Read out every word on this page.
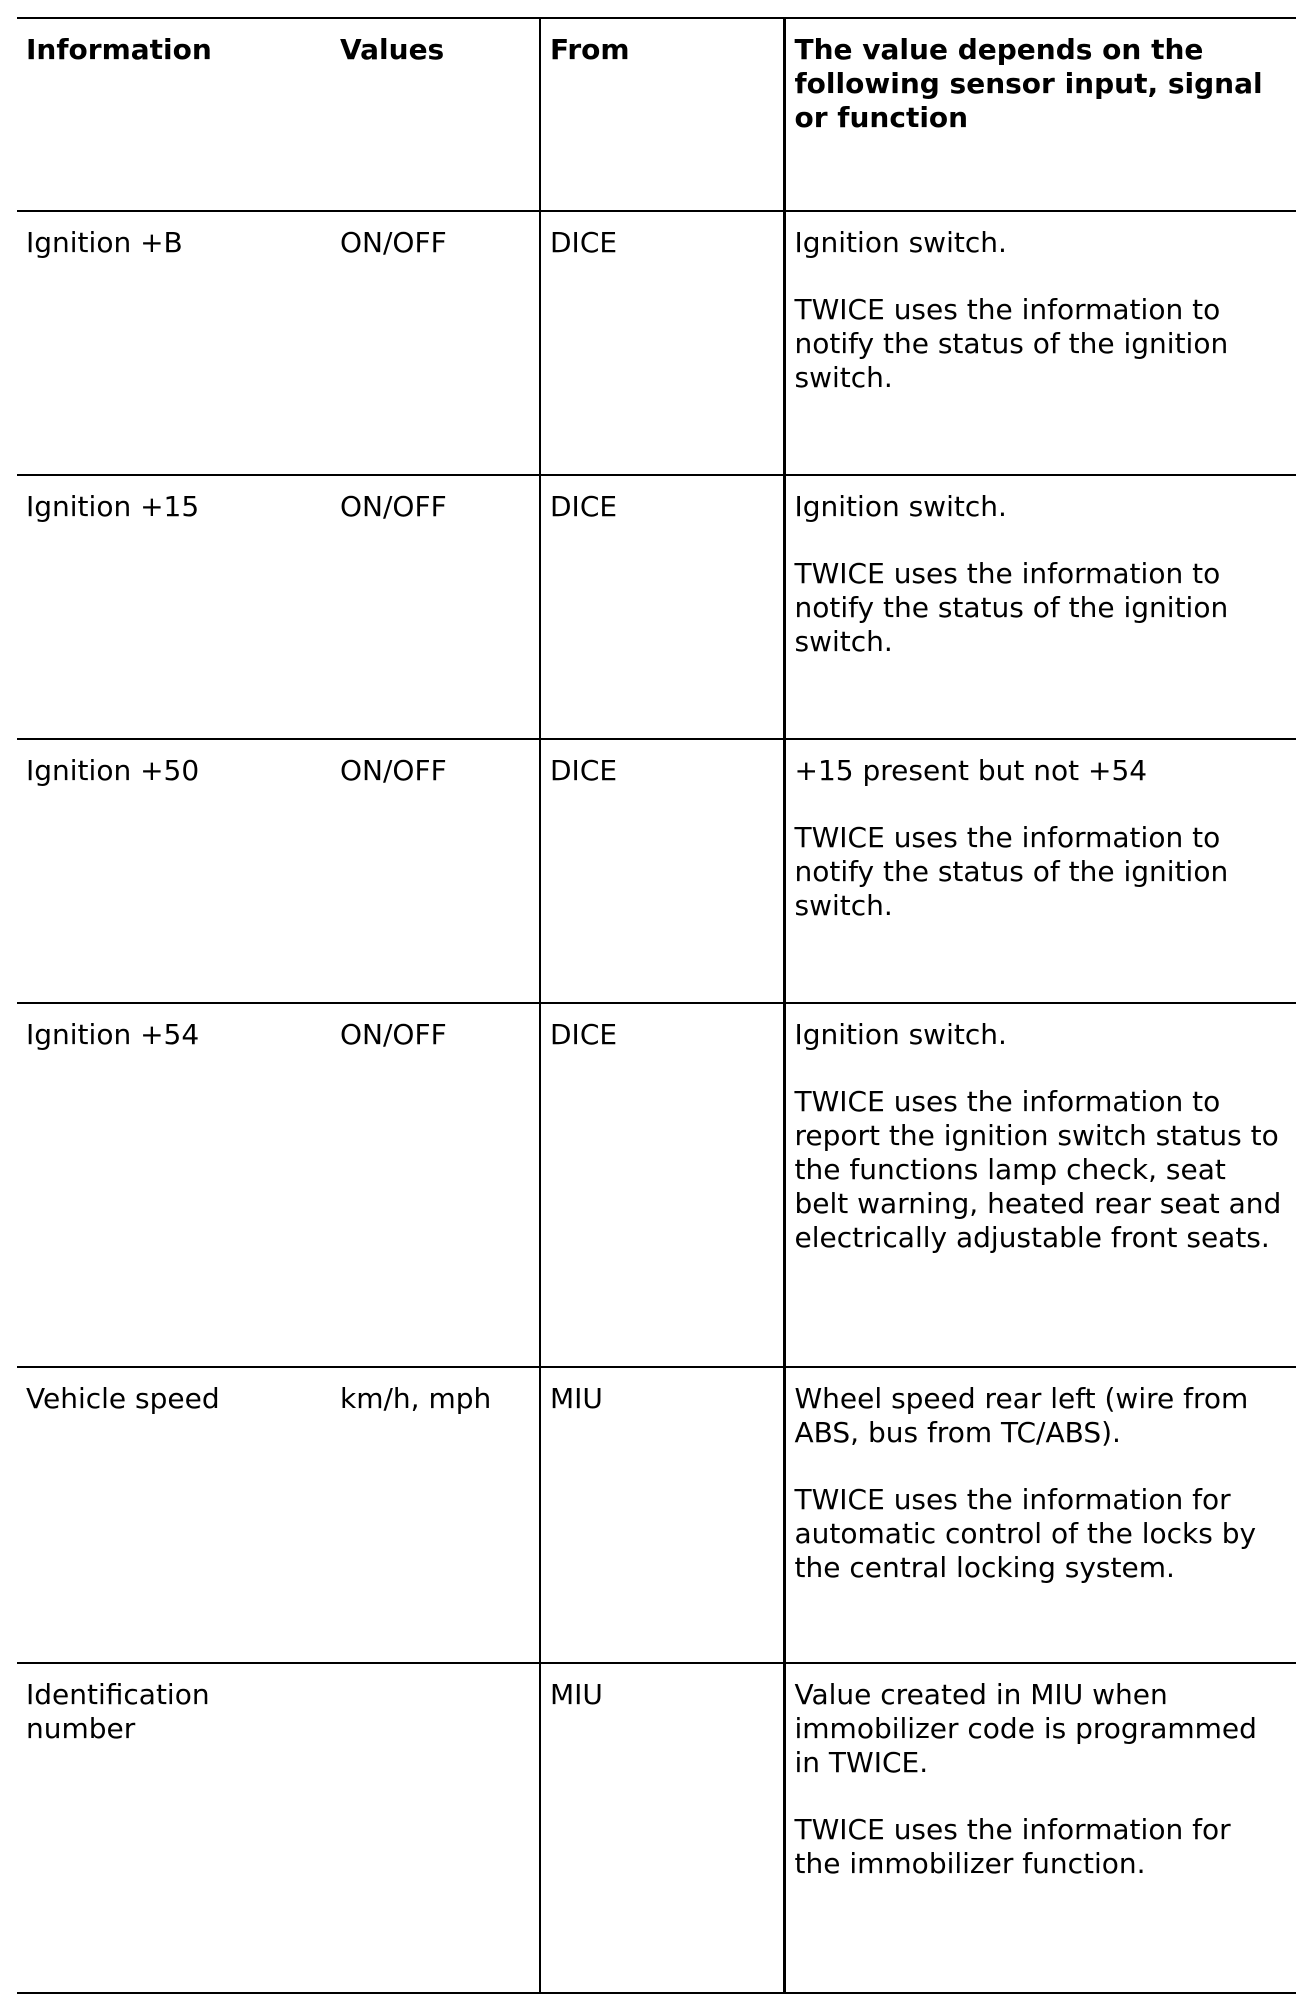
Information	Values	From	The value depends on the following sensor input, signal or function
Ignition +B	ON/OFF	DICE	Ignition switch.

TWICE uses the information to notify the status of the ignition switch.

Ignition +15	ON/OFF	DICE	Ignition switch.

TWICE uses the information to notify the status of the ignition switch.

Ignition +50	ON/OFF	DICE	+15 present but not +54

TWICE uses the information to notify the status of the ignition switch.

Ignition +54	ON/OFF	DICE	Ignition switch.

TWICE uses the information to report the ignition switch status to the functions lamp check, seat belt warning, heated rear seat and electrically adjustable front seats.

Vehicle speed	km/h, mph	MIU	Wheel speed rear left (wire from ABS, bus from TC/ABS).

TWICE uses the information for automatic control of the locks by the central locking system.

Identification number		MIU	Value created in MIU when immobilizer code is programmed in TWICE.

TWICE uses the information for the immobilizer function.
